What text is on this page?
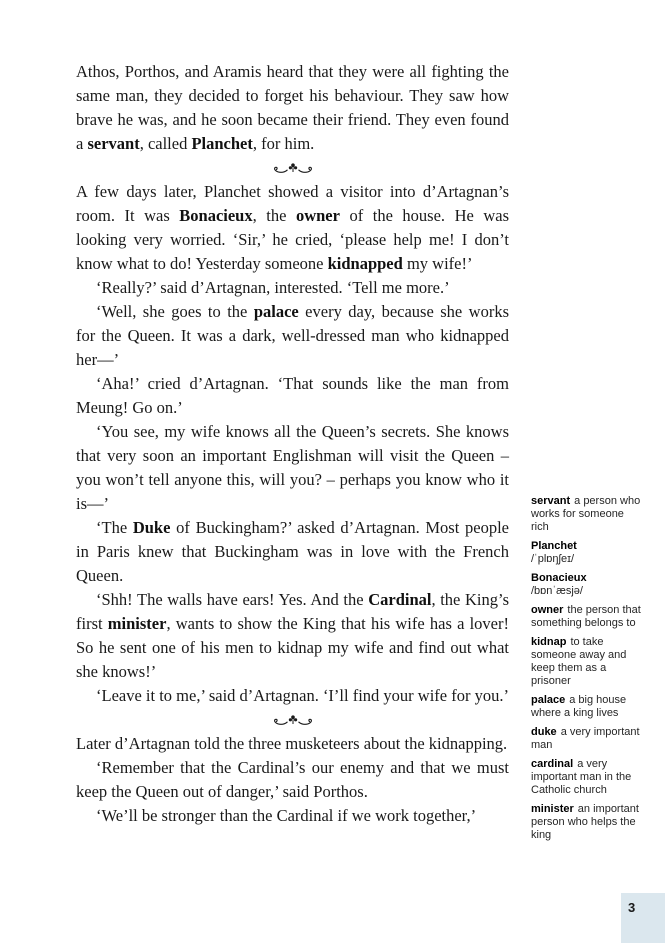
Athos, Porthos, and Aramis heard that they were all fighting the same man, they decided to forget his behaviour. They saw how brave he was, and he soon became their friend. They even found a servant, called Planchet, for him.

A few days later, Planchet showed a visitor into d’Artagnan’s room. It was Bonacieux, the owner of the house. He was looking very worried. ‘Sir,’ he cried, ‘please help me! I don’t know what to do! Yesterday someone kidnapped my wife!’

‘Really?’ said d’Artagnan, interested. ‘Tell me more.’

‘Well, she goes to the palace every day, because she works for the Queen. It was a dark, well-dressed man who kidnapped her—’

‘Aha!’ cried d’Artagnan. ‘That sounds like the man from Meung! Go on.’

‘You see, my wife knows all the Queen’s secrets. She knows that very soon an important Englishman will visit the Queen – you won’t tell anyone this, will you? – perhaps you know who it is—’

‘The Duke of Buckingham?’ asked d’Artagnan. Most people in Paris knew that Buckingham was in love with the French Queen.

‘Shh! The walls have ears! Yes. And the Cardinal, the King’s first minister, wants to show the King that his wife has a lover! So he sent one of his men to kidnap my wife and find out what she knows!’

‘Leave it to me,’ said d’Artagnan. ‘I’ll find your wife for you.’

Later d’Artagnan told the three musketeers about the kidnapping.

‘Remember that the Cardinal’s our enemy and that we must keep the Queen out of danger,’ said Porthos.

‘We’ll be stronger than the Cardinal if we work together,’

servant a person who works for someone rich
Planchet
/ˈplɒŋʃeɪ/
Bonacieux
/bɒnˈæsjə/
owner the person that something belongs to
kidnap to take someone away and keep them as a prisoner
palace a big house where a king lives
duke a very important man
cardinal a very important man in the Catholic church
minister an important person who helps the king
3
